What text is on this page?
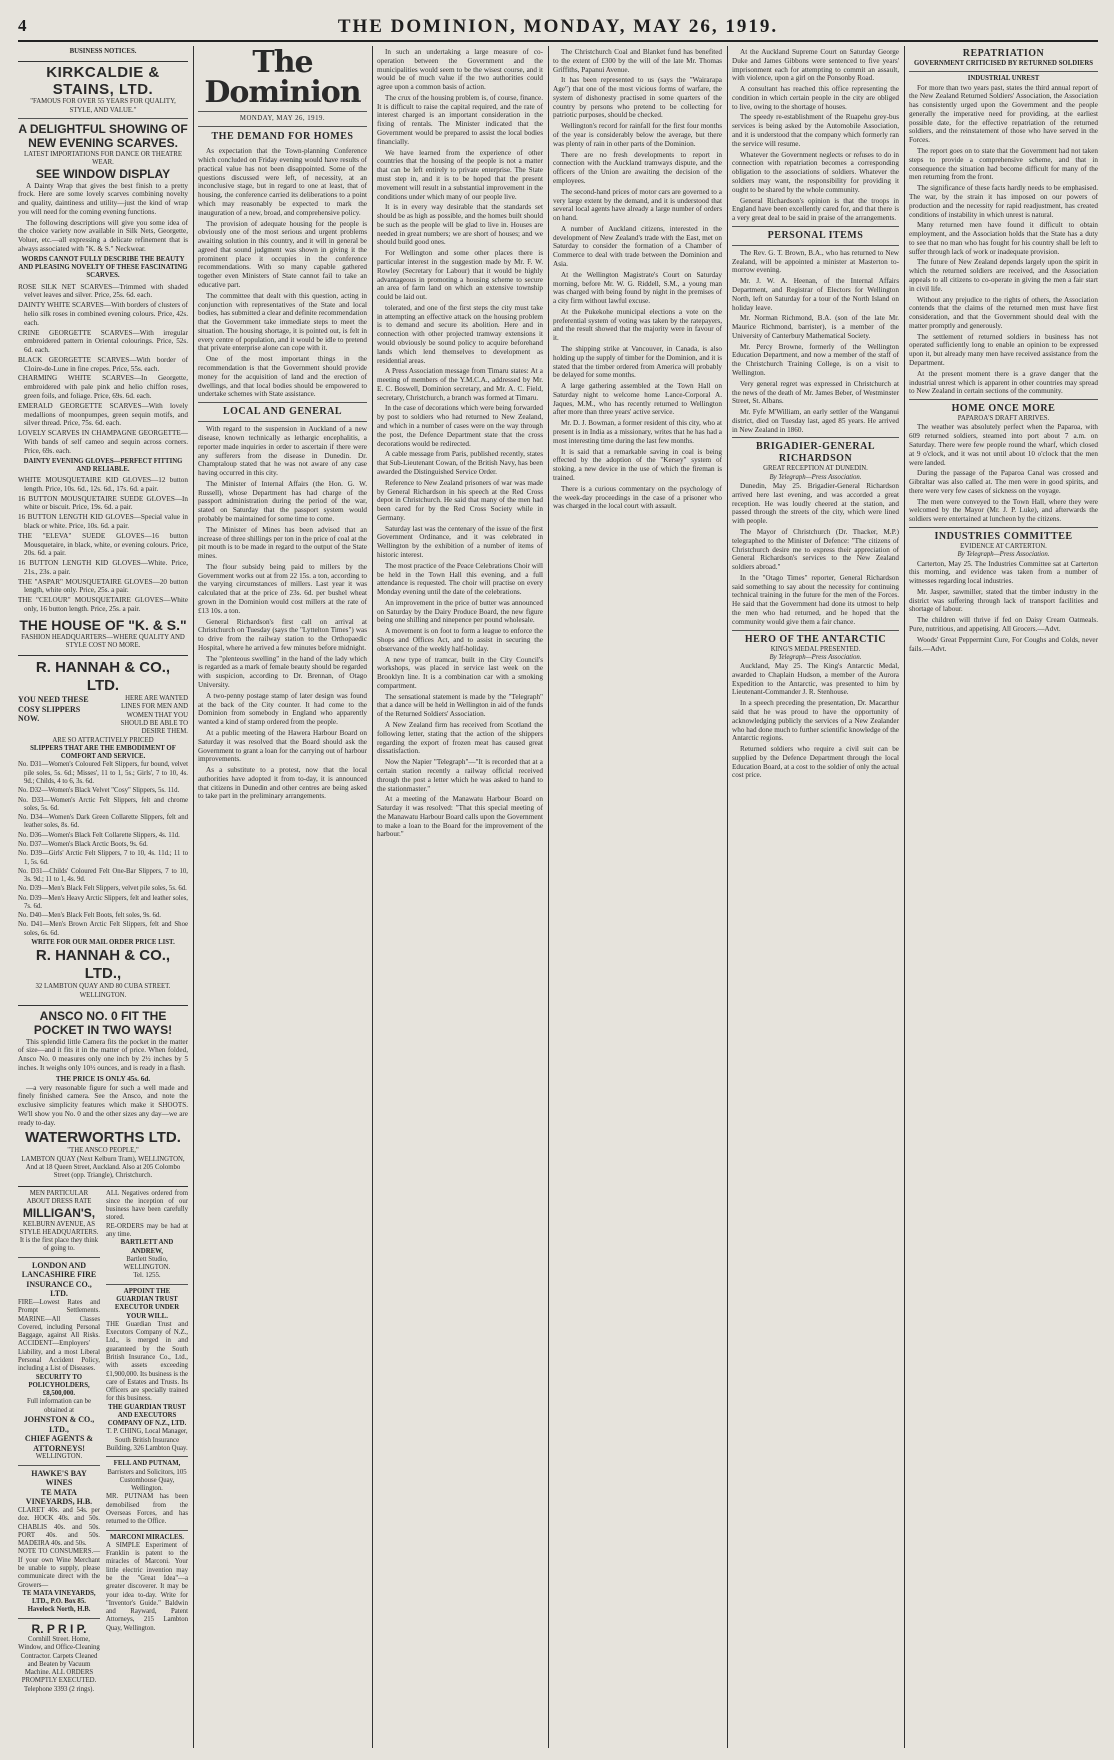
4	THE DOMINION, MONDAY, MAY 26, 1919.
BUSINESS NOTICES.
KIRKCALDIE & STAINS, LTD.
"FAMOUS FOR OVER 55 YEARS FOR QUALITY, STYLE, AND VALUE."
A DELIGHTFUL SHOWING OF
NEW EVENING SCARVES.
LATEST IMPORTATIONS FOR DANCE OR THEATRE WEAR.
SEE WINDOW DISPLAY

A Dainty Wrap that gives the best finish to a pretty frock. Here are some lovely scarves combining novelty and quality, daintiness and utility—just the kind of wrap you will need for the coming evening functions.

The following descriptions will give you some idea of the choice variety now available in Silk Nets, Georgette, Voluer, etc.—all expressing a delicate refinement that is always associated with "K. & S." Neckwear.

WORDS CANNOT FULLY DESCRIBE THE BEAUTY AND PLEASING NOVELTY OF THESE FASCINATING SCARVES.
ROSE SILK NET SCARVES—Trimmed with shaded velvet leaves and silver. Price, 25s. 6d. each.
DAINTY WHITE SCARVES—With borders of clusters of helio silk roses in combined evening colours. Price, 42s. each.
CRINE GEORGETTE SCARVES—With irregular embroidered pattern in Oriental colourings. Price, 52s. 6d. each.
BLACK GEORGETTE SCARVES—With border of Cloire-de-Lune in fine crepes. Price, 55s. each.
CHARMING WHITE SCARVES—In Georgette, embroidered with pale pink and helio chiffon roses, green foils, and foliage. Price, 69s. 6d. each.
EMERALD GEORGETTE SCARVES—With lovely medallions of moonpumpes, green sequin motifs, and silver thread. Price, 75s. 6d. each.
LOVELY SCARVES IN CHAMPAGNE GEORGETTE—With bands of self cameo and sequin across corners. Price, 69s. each.
DAINTY EVENING GLOVES—PERFECT FITTING AND RELIABLE.
WHITE MOUSQUETAIRE KID GLOVES—12 button length. Price, 10s. 6d., 12s. 6d., 17s. 6d. a pair.
16 BUTTON MOUSQUETAIRE SUEDE GLOVES—In white or biscuit. Price, 19s. 6d. a pair.
16 BUTTON LENGTH KID GLOVES—Special value in black or white. Price, 10s. 6d. a pair.
THE "ELEVA" SUEDE GLOVES—16 button Mousquetaire, in black, white, or evening colours. Price, 20s. 6d. a pair.
16 BUTTON LENGTH KID GLOVES—White. Price, 21s., 23s. a pair.
THE "ASPAR" MOUSQUETAIRE GLOVES—20 button length, white only. Price, 25s. a pair.
THE "CELOUR" MOUSQUETAIRE GLOVES—White only, 16 button length. Price, 25s. a pair.
THE HOUSE OF "K. & S."
FASHION HEADQUARTERS—WHERE QUALITY AND STYLE COST NO MORE.
R. HANNAH & CO., LTD.
YOU NEED THESE COSY SLIPPERS NOW.
HERE ARE WANTED LINES FOR MEN AND WOMEN THAT YOU SHOULD BE ABLE TO DESIRE THEM.
ARE SO ATTRACTIVELY PRICED
SLIPPERS THAT ARE THE EMBODIMENT OF COMFORT AND SERVICE.
No. D31—Women's Coloured Felt Slippers, fur bound, velvet pile soles, 5s. 6d.; Misses', 11 to 1, 5s.; Girls', 7 to 10, 4s. 9d.; Childs, 4 to 6, 3s. 6d.
No. D32—Women's Black Velvet "Cosy" Slippers, 5s. 11d.
No. D33—Women's Arctic Felt Slippers, felt and chrome soles, 5s. 6d.
No. D34—Women's Dark Green Collarette Slippers, felt and leather soles, 8s. 6d.
No. D36—Women's Black Felt Collarette Slippers, 4s. 11d.
No. D37—Women's Black Arctic Boots, 9s. 6d.
No. D39—Girls' Arctic Felt Slippers, 7 to 10, 4s. 11d.; 11 to 1, 5s. 6d.
No. D31—Childs' Coloured Felt One-Bar Slippers, 7 to 10, 3s. 9d.; 11 to 1, 4s. 9d.
No. D39—Men's Black Felt Slippers, velvet pile soles, 5s. 6d.
No. D39—Men's Heavy Arctic Slippers, felt and leather soles, 7s. 6d.
No. D40—Men's Black Felt Boots, felt soles, 9s. 6d.
No. D41—Men's Brown Arctic Felt Slippers, felt and Shoe soles, 6s. 6d.
WRITE FOR OUR MAIL ORDER PRICE LIST.
R. HANNAH & CO., LTD.,
32 LAMBTON QUAY AND 80 CUBA STREET. WELLINGTON.
ANSCO NO. 0 FIT THE POCKET IN TWO WAYS!

This splendid little Camera fits the pocket in the matter of size—and it fits it in the matter of price. When folded, Ansco No. 0 measures only one inch by 2½ inches by 5 inches. It weighs only 10½ ounces, and is ready in a flash.

THE PRICE IS ONLY 45s. 6d.

—a very reasonable figure for such a well made and finely finished camera. See the Ansco, and note the exclusive simplicity features which make it SHOOTS. We'll show you No. 0 and the other sizes any day—we are ready to-day.

WATERWORTHS LTD.
"THE ANSCO PEOPLE,"
LAMBTON QUAY (Next Kelburn Tram), WELLINGTON, And at 18 Queen Street, Auckland. Also at 205 Colombo Street (opp. Triangle), Christchurch.
MEN PARTICULAR ABOUT DRESS RATE
MILLIGAN'S,
KELBURN AVENUE, AS STYLE HEADQUARTERS.
It is the first place they think of going to.
LONDON AND LANCASHIRE FIRE INSURANCE CO., LTD.
FIRE—Lowest Rates and Prompt Settlements. MARINE—All Classes Covered, including Personal Baggage, against All Risks. ACCIDENT—Employers' Liability, and a most Liberal Personal Accident Policy, including a List of Diseases.
SECURITY TO POLICYHOLDERS, £8,500,000.
Full information can be obtained at
JOHNSTON & CO., LTD.,
CHIEF AGENTS & ATTORNEYS!
WELLINGTON.
HAWKE'S BAY WINES
TE MATA VINEYARDS, H.B.
CLARET 40s. and 54s. per doz. HOCK 40s. and 50s. CHABLIS 40s. and 50s. PORT 40s. and 50s. MADEIRA 40s. and 50s.
NOTE TO CONSUMERS.—If your own Wine Merchant be unable to supply, please communicate direct with the Growers—
TE MATA VINEYARDS, LTD., P.O. Box 85. Havelock North, H.B.
R. P R I P.
Cornhill Street. Home, Window, and Office-Cleaning Contractor. Carpets Cleaned and Beaten by Vacuum Machine. ALL ORDERS PROMPTLY EXECUTED. Telephone 3393 (2 rings).
ALL Negatives ordered from since the inception of our business have been carefully stored.
RE-ORDERS may be had at any time.
BARTLETT AND ANDREW,
Bartlett Studio, WELLINGTON.
Tel. 1255.
APPOINT THE GUARDIAN TRUST EXECUTOR UNDER YOUR WILL.
THE Guardian Trust and Executors Company of N.Z., Ltd., is merged in and guaranteed by the South British Insurance Co., Ltd., with assets exceeding £1,900,000. Its business is the care of Estates and Trusts. Its Officers are specially trained for this business.
THE GUARDIAN TRUST AND EXECUTORS COMPANY OF N.Z., LTD.
T. P. CHING, Local Manager, South British Insurance Building, 326 Lambton Quay.
FELL AND PUTNAM,
Barristers and Solicitors, 105 Customhouse Quay, Wellington.
MR. PUTNAM has been demobilised from the Overseas Forces, and has returned to the Office.
MARCONI MIRACLES.
A SIMPLE Experiment of Franklin is patent to the miracles of Marconi. Your little electric invention may be the "Great Idea"—a greater discoverer. It may be your idea to-day. Write for "Inventor's Guide." Baldwin and Rayward, Patent Attorneys, 215 Lambton Quay, Wellington.
The Dominion
MONDAY, MAY 26, 1919.
THE DEMAND FOR HOMES

As expectation that the Town-planning Conference which concluded on Friday evening would have results of practical value has not been disappointed. Some of the questions discussed were left, of necessity, at an inconclusive stage, but in regard to one at least, that of housing, the conference carried its deliberations to a point which may reasonably be expected to mark the inauguration of a new, broad, and comprehensive policy.

The provision of adequate housing for the people is obviously one of the most serious and urgent problems awaiting solution in this country, and it will in general be agreed that sound judgment was shown in giving it the prominent place it occupies in the conference recommendations. With so many capable gathered together even Ministers of State cannot fail to take an educative part.

The committee that dealt with this question, acting in conjunction with representatives of the State and local bodies, has submitted a clear and definite recommendation that the Government take immediate steps to meet the situation. The housing shortage, it is pointed out, is felt in every centre of population, and it would be idle to pretend that private enterprise alone can cope with it.

One of the most important things in the recommendation is that the Government should provide money for the acquisition of land and the erection of dwellings, and that local bodies should be empowered to undertake schemes with State assistance.

LOCAL AND GENERAL

With regard to the suspension in Auckland of a new disease, known technically as lethargic encephalitis, a reporter made inquiries in order to ascertain if there were any sufferers from the disease in Dunedin. Dr. Champtaloup stated that he was not aware of any case having occurred in this city.

The Minister of Internal Affairs (the Hon. G. W. Russell), whose Department has had charge of the passport administration during the period of the war, stated on Saturday that the passport system would probably be maintained for some time to come.

The Minister of Mines has been advised that an increase of three shillings per ton in the price of coal at the pit mouth is to be made in regard to the output of the State mines.

The flour subsidy being paid to millers by the Government works out at from 22 15s. a ton, according to the varying circumstances of millers. Last year it was calculated that at the price of 23s. 6d. per bushel wheat grown in the Dominion would cost millers at the rate of £13 10s. a ton.

General Richardson's first call on arrival at Christchurch on Tuesday (says the "Lyttelton Times") was to drive from the railway station to the Orthopaedic Hospital, where he arrived a few minutes before midnight.

The "plenteous swelling" in the hand of the lady which is regarded as a mark of female beauty should be regarded with suspicion, according to Dr. Brennan, of Otago University.

A two-penny postage stamp of later design was found at the back of the City counter. It had come to the Dominion from somebody in England who apparently wanted a kind of stamp ordered from the people.

At a public meeting of the Hawera Harbour Board on Saturday it was resolved that the Board should ask the Government to grant a loan for the carrying out of harbour improvements.

As a substitute to a protest, now that the local authorities have adopted it from to-day, it is announced that citizens in Dunedin and other centres are being asked to take part in the preliminary arrangements.

In such an undertaking a large measure of co-operation between the Government and the municipalities would seem to be the wisest course, and it would be of much value if the two authorities could agree upon a common basis of action.

The crux of the housing problem is, of course, finance. It is difficult to raise the capital required, and the rate of interest charged is an important consideration in the fixing of rentals. The Minister indicated that the Government would be prepared to assist the local bodies financially.

We have learned from the experience of other countries that the housing of the people is not a matter that can be left entirely to private enterprise. The State must step in, and it is to be hoped that the present movement will result in a substantial improvement in the conditions under which many of our people live.

It is in every way desirable that the standards set should be as high as possible, and the homes built should be such as the people will be glad to live in. Houses are needed in great numbers; we are short of houses; and we should build good ones.

For Wellington and some other places there is particular interest in the suggestion made by Mr. F. W. Rowley (Secretary for Labour) that it would be highly advantageous in promoting a housing scheme to secure an area of farm land on which an extensive township could be laid out.

tolerated, and one of the first steps the city must take in attempting an effective attack on the housing problem is to demand and secure its abolition. Here and in connection with other projected tramway extensions it would obviously be sound policy to acquire beforehand lands which lend themselves to development as residential areas.

A Press Association message from Timaru states: At a meeting of members of the Y.M.C.A., addressed by Mr. E. C. Boswell, Dominion secretary, and Mr. A. C. Field, secretary, Christchurch, a branch was formed at Timaru.

In the case of decorations which were being forwarded by post to soldiers who had returned to New Zealand, and which in a number of cases were on the way through the post, the Defence Department state that the cross decorations would be redirected.

A cable message from Paris, published recently, states that Sub-Lieutenant Cowan, of the British Navy, has been awarded the Distinguished Service Order.

Reference to New Zealand prisoners of war was made by General Richardson in his speech at the Red Cross depot in Christchurch. He said that many of the men had been cared for by the Red Cross Society while in Germany.

Saturday last was the centenary of the issue of the first Government Ordinance, and it was celebrated in Wellington by the exhibition of a number of items of historic interest.

The most practice of the Peace Celebrations Choir will be held in the Town Hall this evening, and a full attendance is requested. The choir will practise on every Monday evening until the date of the celebrations.

An improvement in the price of butter was announced on Saturday by the Dairy Produce Board, the new figure being one shilling and ninepence per pound wholesale.

A movement is on foot to form a league to enforce the Shops and Offices Act, and to assist in securing the observance of the weekly half-holiday.

A new type of tramcar, built in the City Council's workshops, was placed in service last week on the Brooklyn line. It is a combination car with a smoking compartment.

The sensational statement is made by the "Telegraph" that a dance will be held in Wellington in aid of the funds of the Returned Soldiers' Association.

A New Zealand firm has received from Scotland the following letter, stating that the action of the shippers regarding the export of frozen meat has caused great dissatisfaction.

Now the Napier "Telegraph"—"It is recorded that at a certain station recently a railway official received through the post a letter which he was asked to hand to the stationmaster."

At a meeting of the Manawatu Harbour Board on Saturday it was resolved: "That this special meeting of the Manawatu Harbour Board calls upon the Government to make a loan to the Board for the improvement of the harbour."

The Christchurch Coal and Blanket fund has benefited to the extent of £300 by the will of the late Mr. Thomas Griffiths, Papanui Avenue.

It has been represented to us (says the "Wairarapa Age") that one of the most vicious forms of warfare, the system of dishonesty practised in some quarters of the country by persons who pretend to be collecting for patriotic purposes, should be checked.

Wellington's record for rainfall for the first four months of the year is considerably below the average, but there was plenty of rain in other parts of the Dominion.

There are no fresh developments to report in connection with the Auckland tramways dispute, and the officers of the Union are awaiting the decision of the employees.

The second-hand prices of motor cars are governed to a very large extent by the demand, and it is understood that several local agents have already a large number of orders on hand.

A number of Auckland citizens, interested in the development of New Zealand's trade with the East, met on Saturday to consider the formation of a Chamber of Commerce to deal with trade between the Dominion and Asia.

At the Wellington Magistrate's Court on Saturday morning, before Mr. W. G. Riddell, S.M., a young man was charged with being found by night in the premises of a city firm without lawful excuse.

At the Pukekohe municipal elections a vote on the preferential system of voting was taken by the ratepayers, and the result showed that the majority were in favour of it.

The shipping strike at Vancouver, in Canada, is also holding up the supply of timber for the Dominion, and it is stated that the timber ordered from America will probably be delayed for some months.

A large gathering assembled at the Town Hall on Saturday night to welcome home Lance-Corporal A. Jaques, M.M., who has recently returned to Wellington after more than three years' active service.

Mr. D. J. Bowman, a former resident of this city, who at present is in India as a missionary, writes that he has had a most interesting time during the last few months.

It is said that a remarkable saving in coal is being effected by the adoption of the "Kersey" system of stoking, a new device in the use of which the fireman is trained.

There is a curious commentary on the psychology of the week-day proceedings in the case of a prisoner who was charged in the local court with assault.

At the Auckland Supreme Court on Saturday George Duke and James Gibbons were sentenced to five years' imprisonment each for attempting to commit an assault, with violence, upon a girl on the Ponsonby Road.

A consultant has reached this office representing the condition in which certain people in the city are obliged to live, owing to the shortage of houses.

The speedy re-establishment of the Ruapehu grey-bus services is being asked by the Automobile Association, and it is understood that the company which formerly ran the service will resume.

Whatever the Government neglects or refuses to do in connection with repatriation becomes a corresponding obligation to the associations of soldiers. Whatever the soldiers may want, the responsibility for providing it ought to be shared by the whole community.

General Richardson's opinion is that the troops in England have been excellently cared for, and that there is a very great deal to be said in praise of the arrangements.

PERSONAL ITEMS

The Rev. G. T. Brown, B.A., who has returned to New Zealand, will be appointed a minister at Masterton to-morrow evening.

Mr. J. W. A. Heenan, of the Internal Affairs Department, and Registrar of Electors for Wellington North, left on Saturday for a tour of the North Island on holiday leave.

Mr. Norman Richmond, B.A. (son of the late Mr. Maurice Richmond, barrister), is a member of the University of Canterbury Mathematical Society.

Mr. Percy Browne, formerly of the Wellington Education Department, and now a member of the staff of the Christchurch Training College, is on a visit to Wellington.

Very general regret was expressed in Christchurch at the news of the death of Mr. James Beber, of Westminster Street, St. Albans.

Mr. Fyfe M'William, an early settler of the Wanganui district, died on Tuesday last, aged 85 years. He arrived in New Zealand in 1860.

BRIGADIER-GENERAL RICHARDSON
GREAT RECEPTION AT DUNEDIN.
By Telegraph—Press Association.

Dunedin, May 25. Brigadier-General Richardson arrived here last evening, and was accorded a great reception. He was loudly cheered at the station, and passed through the streets of the city, which were lined with people.

The Mayor of Christchurch (Dr. Thacker, M.P.) telegraphed to the Minister of Defence: "The citizens of Christchurch desire me to express their appreciation of General Richardson's services to the New Zealand soldiers abroad."

In the "Otago Times" reporter, General Richardson said something to say about the necessity for continuing technical training in the future for the men of the Forces. He said that the Government had done its utmost to help the men who had returned, and he hoped that the community would give them a fair chance.

HERO OF THE ANTARCTIC
KING'S MEDAL PRESENTED.
By Telegraph—Press Association.

Auckland, May 25. The King's Antarctic Medal, awarded to Chaplain Hudson, a member of the Aurora Expedition to the Antarctic, was presented to him by Lieutenant-Commander J. R. Stenhouse.

In a speech preceding the presentation, Dr. Macarthur said that he was proud to have the opportunity of acknowledging publicly the services of a New Zealander who had done much to further scientific knowledge of the Antarctic regions.

Returned soldiers who require a civil suit can be supplied by the Defence Department through the local Education Board, at a cost to the soldier of only the actual cost price.

REPATRIATION
GOVERNMENT CRITICISED BY RETURNED SOLDIERS
INDUSTRIAL UNREST

For more than two years past, states the third annual report of the New Zealand Returned Soldiers' Association, the Association has consistently urged upon the Government and the people generally the imperative need for providing, at the earliest possible date, for the effective repatriation of the returned soldiers, and the reinstatement of those who have served in the Forces.

The report goes on to state that the Government had not taken steps to provide a comprehensive scheme, and that in consequence the situation had become difficult for many of the men returning from the front.

The significance of these facts hardly needs to be emphasised. The war, by the strain it has imposed on our powers of production and the necessity for rapid readjustment, has created conditions of instability in which unrest is natural.

Many returned men have found it difficult to obtain employment, and the Association holds that the State has a duty to see that no man who has fought for his country shall be left to suffer through lack of work or inadequate provision.

The future of New Zealand depends largely upon the spirit in which the returned soldiers are received, and the Association appeals to all citizens to co-operate in giving the men a fair start in civil life.

Without any prejudice to the rights of others, the Association contends that the claims of the returned men must have first consideration, and that the Government should deal with the matter promptly and generously.

The settlement of returned soldiers in business has not operated sufficiently long to enable an opinion to be expressed upon it, but already many men have received assistance from the Department.

At the present moment there is a grave danger that the industrial unrest which is apparent in other countries may spread to New Zealand in certain sections of the community.

HOME ONCE MORE
PAPAROA'S DRAFT ARRIVES.

The weather was absolutely perfect when the Paparoa, with 609 returned soldiers, steamed into port about 7 a.m. on Saturday. There were few people round the wharf, which closed at 9 o'clock, and it was not until about 10 o'clock that the men were landed.

During the passage of the Paparoa Canal was crossed and Gibraltar was also called at. The men were in good spirits, and there were very few cases of sickness on the voyage.

The men were conveyed to the Town Hall, where they were welcomed by the Mayor (Mr. J. P. Luke), and afterwards the soldiers were entertained at luncheon by the citizens.

INDUSTRIES COMMITTEE
EVIDENCE AT CARTERTON.
By Telegraph—Press Association.

Carterton, May 25. The Industries Committee sat at Carterton this morning, and evidence was taken from a number of witnesses regarding local industries.

Mr. Jasper, sawmiller, stated that the timber industry in the district was suffering through lack of transport facilities and shortage of labour.

The children will thrive if fed on Daisy Cream Oatmeals. Pure, nutritious, and appetising. All Grocers.—Advt.

Woods' Great Peppermint Cure, For Coughs and Colds, never fails.—Advt.
